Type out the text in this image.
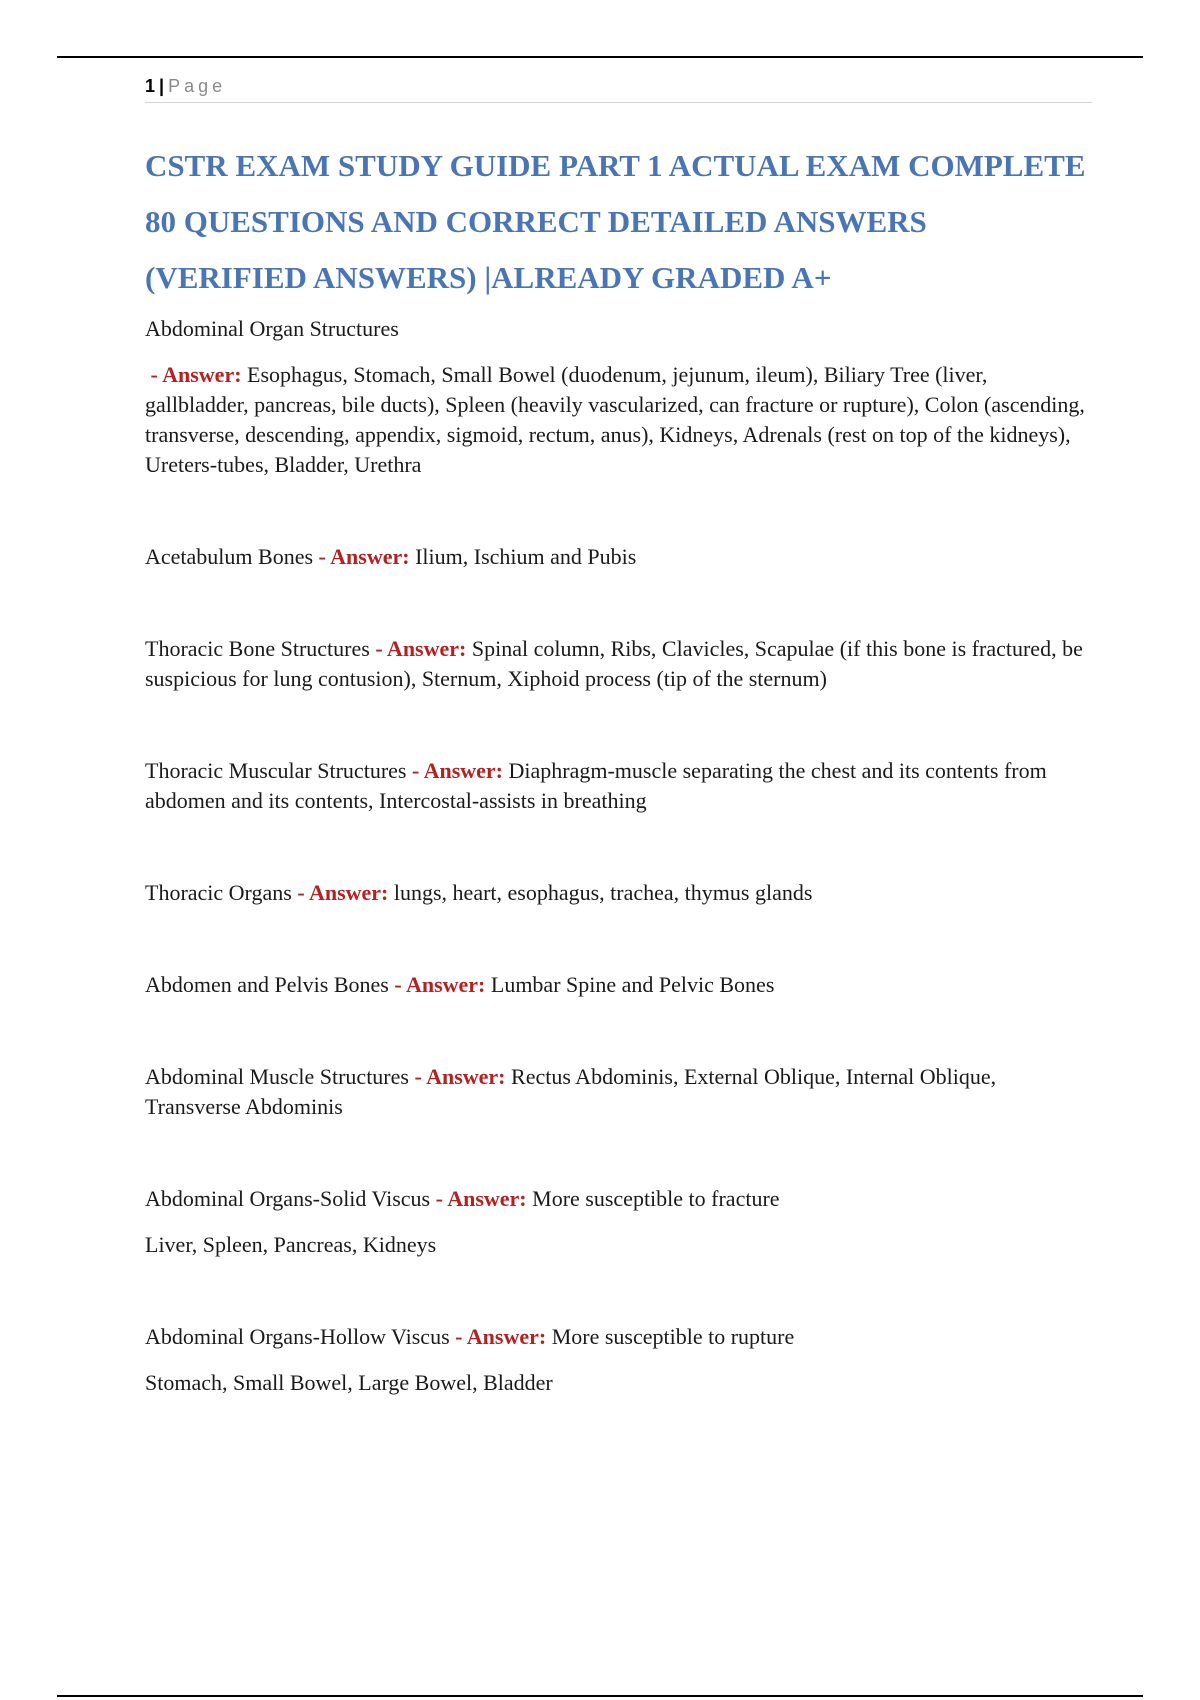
1 | Page
CSTR EXAM STUDY GUIDE PART 1 ACTUAL EXAM COMPLETE 80 QUESTIONS AND CORRECT DETAILED ANSWERS (VERIFIED ANSWERS) |ALREADY GRADED A+

Abdominal Organ Structures

- Answer: Esophagus, Stomach, Small Bowel (duodenum, jejunum, ileum), Biliary Tree (liver, gallbladder, pancreas, bile ducts), Spleen (heavily vascularized, can fracture or rupture), Colon (ascending, transverse, descending, appendix, sigmoid, rectum, anus), Kidneys, Adrenals (rest on top of the kidneys), Ureters-tubes, Bladder, Urethra

Acetabulum Bones - Answer: Ilium, Ischium and Pubis

Thoracic Bone Structures - Answer: Spinal column, Ribs, Clavicles, Scapulae (if this bone is fractured, be suspicious for lung contusion), Sternum, Xiphoid process (tip of the sternum)

Thoracic Muscular Structures - Answer: Diaphragm-muscle separating the chest and its contents from abdomen and its contents, Intercostal-assists in breathing

Thoracic Organs - Answer: lungs, heart, esophagus, trachea, thymus glands

Abdomen and Pelvis Bones - Answer: Lumbar Spine and Pelvic Bones

Abdominal Muscle Structures - Answer: Rectus Abdominis, External Oblique, Internal Oblique, Transverse Abdominis

Abdominal Organs-Solid Viscus - Answer: More susceptible to fracture

Liver, Spleen, Pancreas, Kidneys

Abdominal Organs-Hollow Viscus - Answer: More susceptible to rupture

Stomach, Small Bowel, Large Bowel, Bladder
